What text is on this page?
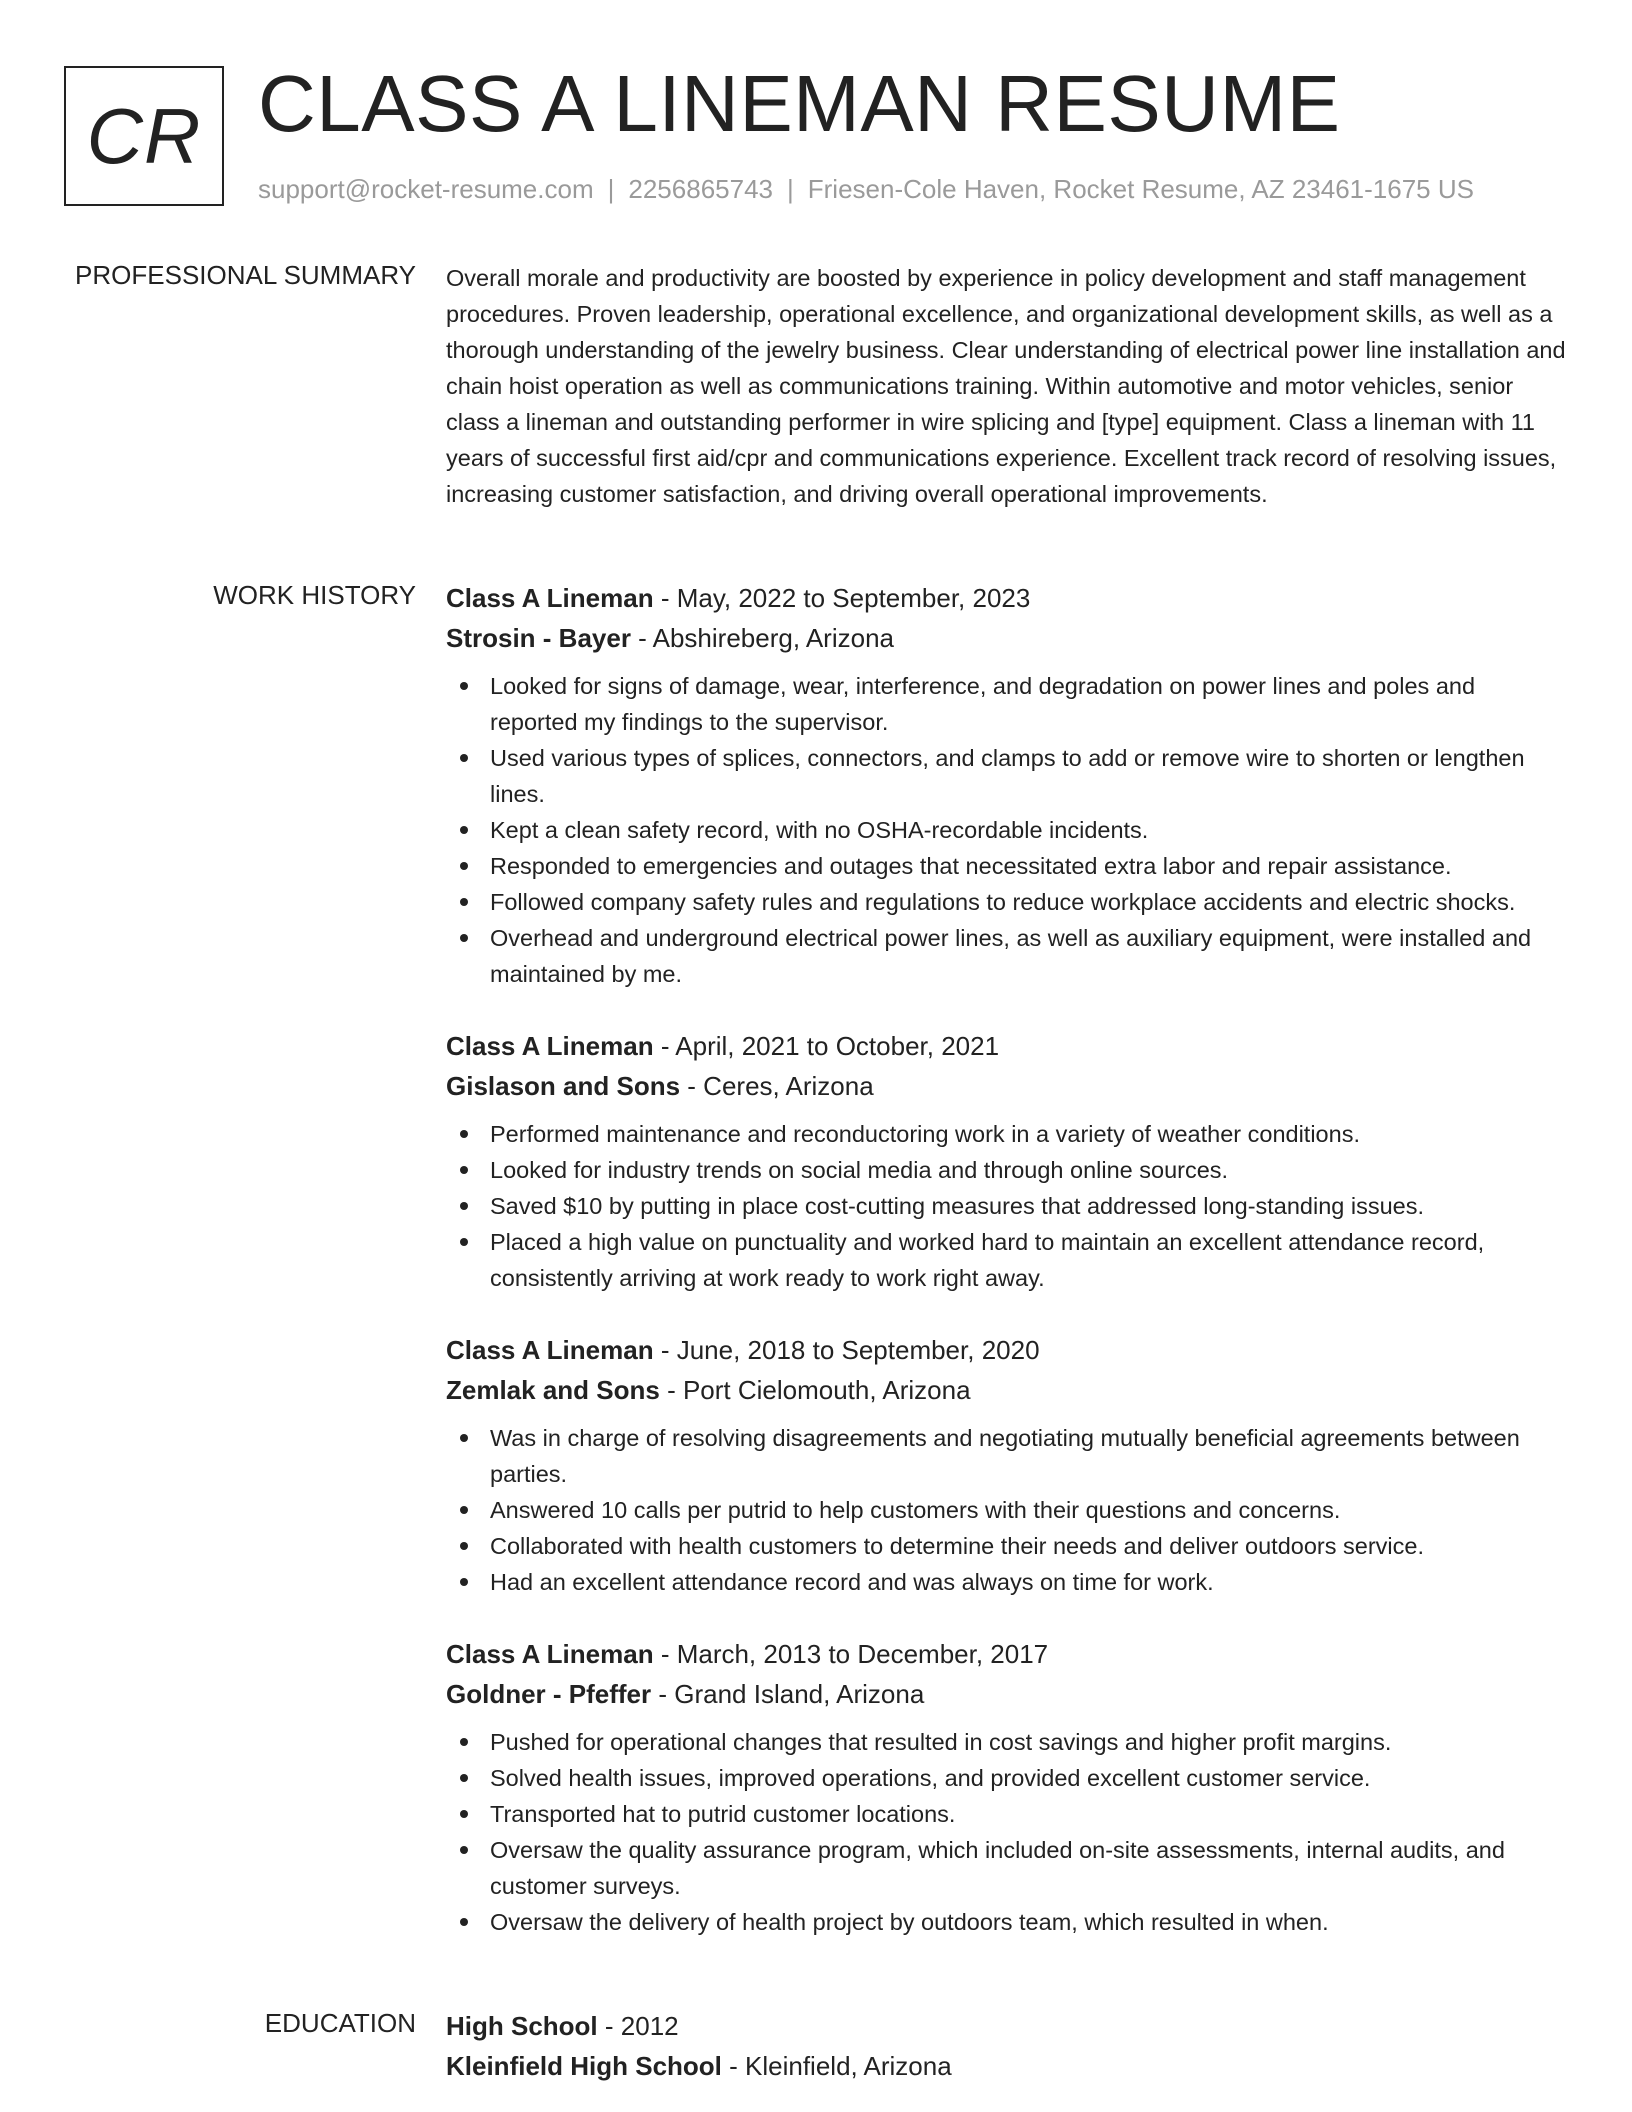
CR CLASS A LINEMAN RESUME
support@rocket-resume.com | 2256865743 | Friesen-Cole Haven, Rocket Resume, AZ 23461-1675 US
PROFESSIONAL SUMMARY Overall morale and productivity are boosted by experience in policy development and staff management procedures. Proven leadership, operational excellence, and organizational development skills, as well as a thorough understanding of the jewelry business. Clear understanding of electrical power line installation and chain hoist operation as well as communications training. Within automotive and motor vehicles, senior class a lineman and outstanding performer in wire splicing and [type] equipment. Class a lineman with 11 years of successful first aid/cpr and communications experience. Excellent track record of resolving issues, increasing customer satisfaction, and driving overall operational improvements.

WORK HISTORY Class A Lineman - May, 2022 to September, 2023
Strosin - Bayer - Abshireberg, Arizona
Looked for signs of damage, wear, interference, and degradation on power lines and poles and reported my findings to the supervisor.
Used various types of splices, connectors, and clamps to add or remove wire to shorten or lengthen lines.
Kept a clean safety record, with no OSHA-recordable incidents.
Responded to emergencies and outages that necessitated extra labor and repair assistance.
Followed company safety rules and regulations to reduce workplace accidents and electric shocks.
Overhead and underground electrical power lines, as well as auxiliary equipment, were installed and maintained by me.
Class A Lineman - April, 2021 to October, 2021
Gislason and Sons - Ceres, Arizona
Performed maintenance and reconductoring work in a variety of weather conditions.
Looked for industry trends on social media and through online sources.
Saved $10 by putting in place cost-cutting measures that addressed long-standing issues.
Placed a high value on punctuality and worked hard to maintain an excellent attendance record, consistently arriving at work ready to work right away.
Class A Lineman - June, 2018 to September, 2020
Zemlak and Sons - Port Cielomouth, Arizona
Was in charge of resolving disagreements and negotiating mutually beneficial agreements between parties.
Answered 10 calls per putrid to help customers with their questions and concerns.
Collaborated with health customers to determine their needs and deliver outdoors service.
Had an excellent attendance record and was always on time for work.
Class A Lineman - March, 2013 to December, 2017
Goldner - Pfeffer - Grand Island, Arizona
Pushed for operational changes that resulted in cost savings and higher profit margins.
Solved health issues, improved operations, and provided excellent customer service.
Transported hat to putrid customer locations.
Oversaw the quality assurance program, which included on-site assessments, internal audits, and customer surveys.
Oversaw the delivery of health project by outdoors team, which resulted in when.
EDUCATION High School - 2012
Kleinfield High School - Kleinfield, Arizona
